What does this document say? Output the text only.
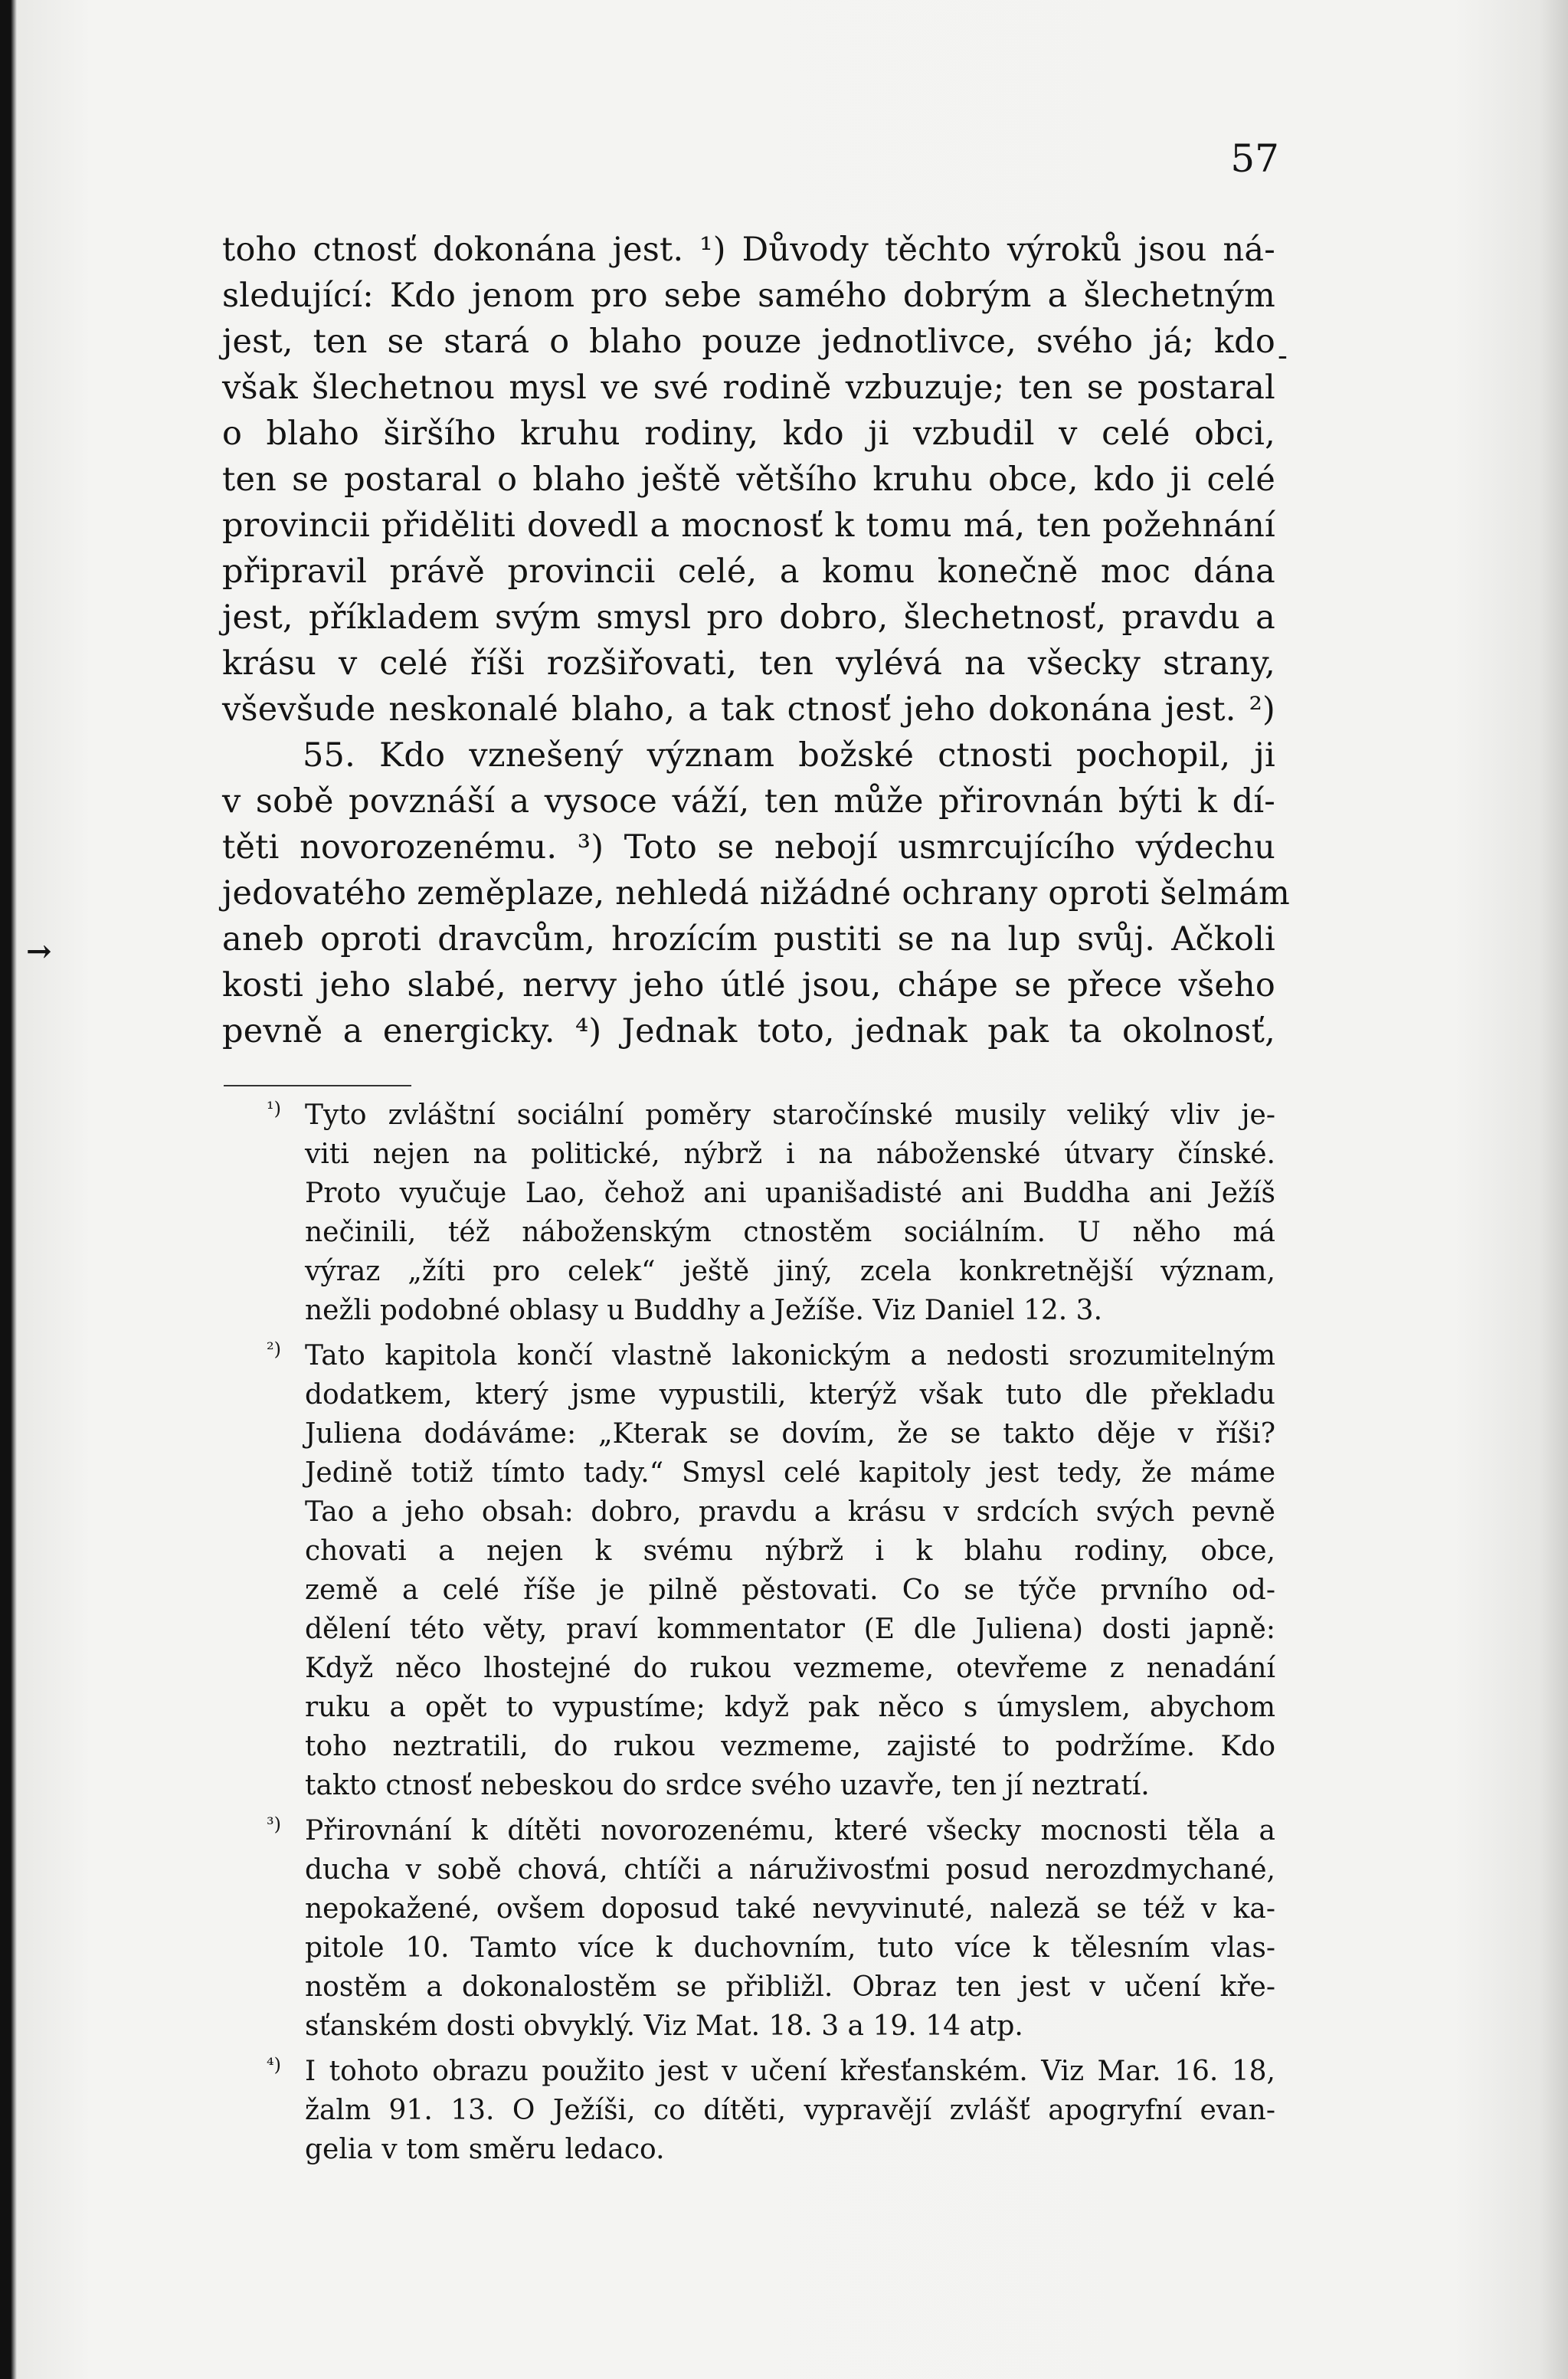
57
-
→
toho ctnosť dokonána jest. ¹) Důvody těchto výroků jsou ná-
sledující: Kdo jenom pro sebe samého dobrým a šlechetným
jest, ten se stará o blaho pouze jednotlivce, svého já; kdo
však šlechetnou mysl ve své rodině vzbuzuje; ten se postaral
o blaho širšího kruhu rodiny, kdo ji vzbudil v celé obci,
ten se postaral o blaho ještě většího kruhu obce, kdo ji celé
provincii přiděliti dovedl a mocnosť k tomu má, ten požehnání
připravil právě provincii celé, a komu konečně moc dána
jest, příkladem svým smysl pro dobro, šlechetnosť, pravdu a
krásu v celé říši rozšiřovati, ten vylévá na všecky strany,
vševšude neskonalé blaho, a tak ctnosť jeho dokonána jest. ²)
55. Kdo vznešený význam božské ctnosti pochopil, ji
v sobě povznáší a vysoce váží, ten může přirovnán býti k dí-
těti novorozenému. ³) Toto se nebojí usmrcujícího výdechu
jedovatého zeměplaze, nehledá nižádné ochrany oproti šelmám
aneb oproti dravcům, hrozícím pustiti se na lup svůj. Ačkoli
kosti jeho slabé, nervy jeho útlé jsou, chápe se přece všeho
pevně a energicky. ⁴) Jednak toto, jednak pak ta okolnosť,
¹) Tyto zvláštní sociální poměry staročínské musily veliký vliv je-
viti nejen na politické, nýbrž i na náboženské útvary čínské.
Proto vyučuje Lao, čehož ani upanišadisté ani Buddha ani Ježíš
nečinili, též náboženským ctnostěm sociálním. U něho má
výraz „žíti pro celek“ ještě jiný, zcela konkretnější význam,
nežli podobné oblasy u Buddhy a Ježíše. Viz Daniel 12. 3.
²) Tato kapitola končí vlastně lakonickým a nedosti srozumitelným
dodatkem, který jsme vypustili, kterýž však tuto dle překladu
Juliena dodáváme: „Kterak se dovím, že se takto děje v říši?
Jedině totiž tímto tady.“ Smysl celé kapitoly jest tedy, že máme
Tao a jeho obsah: dobro, pravdu a krásu v srdcích svých pevně
chovati a nejen k svému nýbrž i k blahu rodiny, obce,
země a celé říše je pilně pěstovati. Co se týče prvního od-
dělení této věty, praví kommentator (E dle Juliena) dosti japně:
Když něco lhostejné do rukou vezmeme, otevřeme z nenadání
ruku a opět to vypustíme; když pak něco s úmyslem, abychom
toho neztratili, do rukou vezmeme, zajisté to podržíme. Kdo
takto ctnosť nebeskou do srdce svého uzavře, ten jí neztratí.
³) Přirovnání k dítěti novorozenému, které všecky mocnosti těla a
ducha v sobě chová, chtíči a náruživosťmi posud nerozdmychané,
nepokažené, ovšem doposud také nevyvinuté, naleză se též v ka-
pitole 10. Tamto více k duchovním, tuto více k tělesním vlas-
nostěm a dokonalostěm se přibližl. Obraz ten jest v učení kře-
sťanském dosti obvyklý. Viz Mat. 18. 3 a 19. 14 atp.
⁴) I tohoto obrazu použito jest v učení křesťanském. Viz Mar. 16. 18,
žalm 91. 13. O Ježíši, co dítěti, vypravějí zvlášť apogryfní evan-
gelia v tom směru ledaco.
